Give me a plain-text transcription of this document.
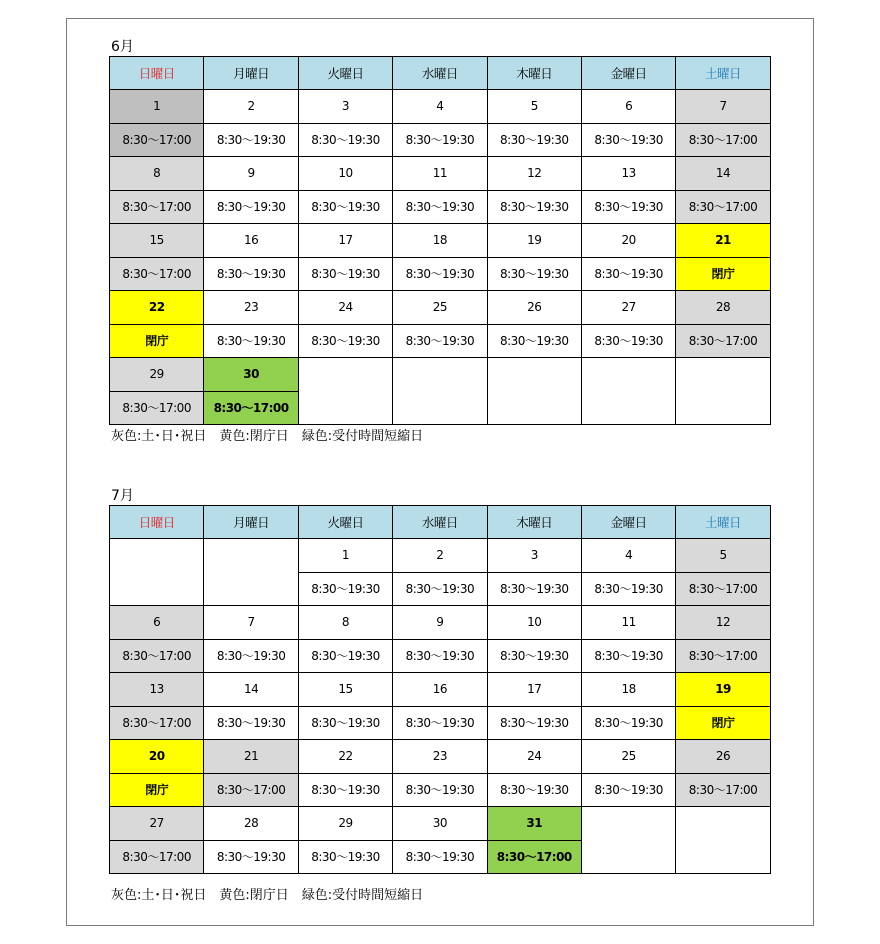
6月
日曜日	月曜日	火曜日	水曜日	木曜日	金曜日	土曜日
1	2	3	4	5	6	7
8:30〜17:00	8:30〜19:30	8:30〜19:30	8:30〜19:30	8:30〜19:30	8:30〜19:30	8:30〜17:00
8	9	10	11	12	13	14
8:30〜17:00	8:30〜19:30	8:30〜19:30	8:30〜19:30	8:30〜19:30	8:30〜19:30	8:30〜17:00
15	16	17	18	19	20	21
8:30〜17:00	8:30〜19:30	8:30〜19:30	8:30〜19:30	8:30〜19:30	8:30〜19:30	閉庁
22	23	24	25	26	27	28
閉庁	8:30〜19:30	8:30〜19:30	8:30〜19:30	8:30〜19:30	8:30〜19:30	8:30〜17:00
29	30					
8:30〜17:00	8:30〜17:00					
灰色:土･日･祝日　黄色:閉庁日　緑色:受付時間短縮日
7月
日曜日	月曜日	火曜日	水曜日	木曜日	金曜日	土曜日
		1	2	3	4	5
		8:30〜19:30	8:30〜19:30	8:30〜19:30	8:30〜19:30	8:30〜17:00
6	7	8	9	10	11	12
8:30〜17:00	8:30〜19:30	8:30〜19:30	8:30〜19:30	8:30〜19:30	8:30〜19:30	8:30〜17:00
13	14	15	16	17	18	19
8:30〜17:00	8:30〜19:30	8:30〜19:30	8:30〜19:30	8:30〜19:30	8:30〜19:30	閉庁
20	21	22	23	24	25	26
閉庁	8:30〜17:00	8:30〜19:30	8:30〜19:30	8:30〜19:30	8:30〜19:30	8:30〜17:00
27	28	29	30	31		
8:30〜17:00	8:30〜19:30	8:30〜19:30	8:30〜19:30	8:30〜17:00		
灰色:土･日･祝日　黄色:閉庁日　緑色:受付時間短縮日
